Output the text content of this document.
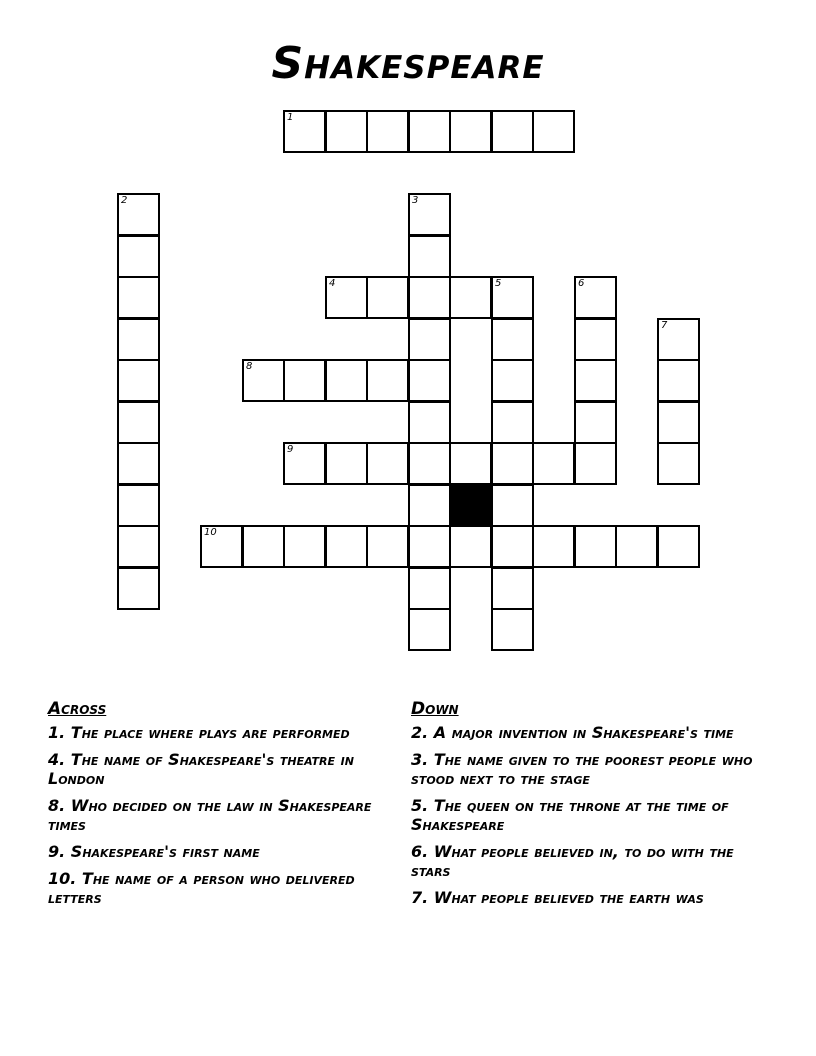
Shakespeare
1
2	3
4	5	6
7
8
9
10
Across
1. The place where plays are performed
4. The name of Shakespeare's theatre in London
8. Who decided on the law in Shakespeare times
9. Shakespeare's first name
10. The name of a person who delivered letters
Down
2. A major invention in Shakespeare's time
3. The name given to the poorest people who stood next to the stage
5. The queen on the throne at the time of Shakespeare
6. What people believed in, to do with the stars
7. What people believed the earth was
